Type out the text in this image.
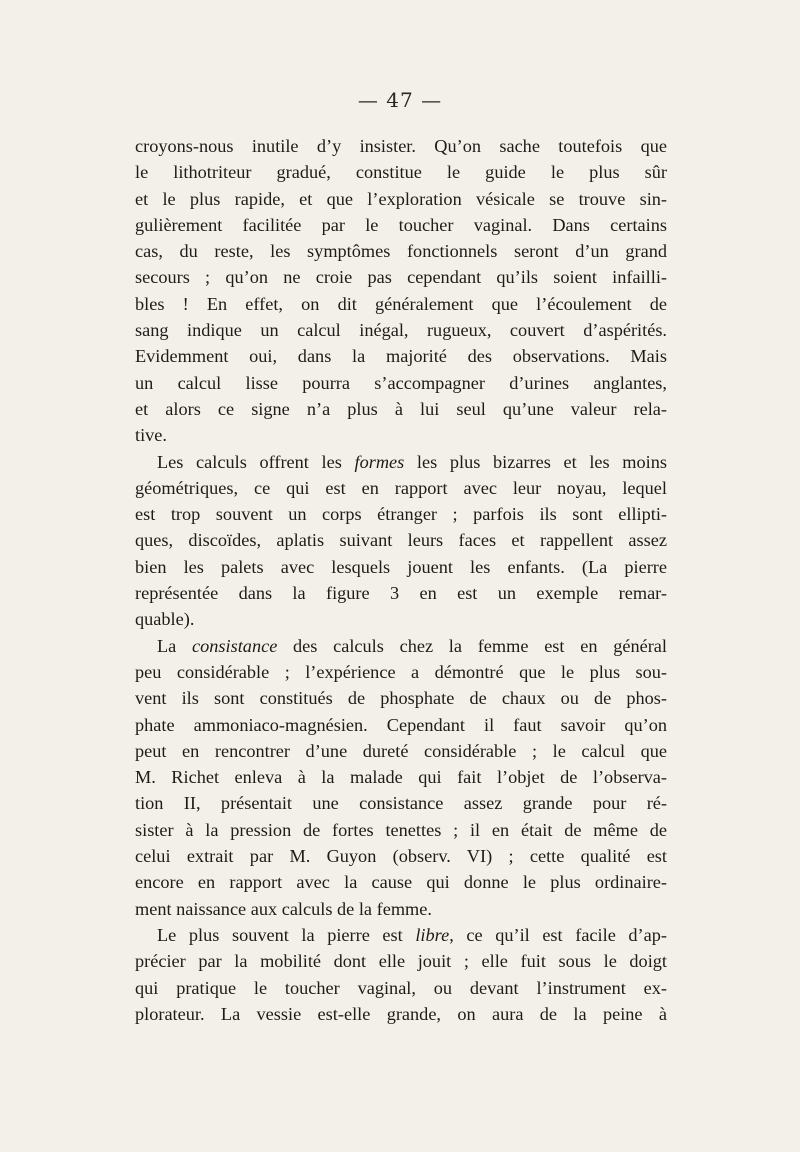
— 47 —
croyons-nous inutile d’y insister. Qu’on sache toutefois que
le lithotriteur gradué, constitue le guide le plus sûr
et le plus rapide, et que l’exploration vésicale se trouve sin-
gulièrement facilitée par le toucher vaginal. Dans certains
cas, du reste, les symptômes fonctionnels seront d’un grand
secours ; qu’on ne croie pas cependant qu’ils soient infailli-
bles ! En effet, on dit généralement que l’écoulement de
sang indique un calcul inégal, rugueux, couvert d’aspérités.
Evidemment oui, dans la majorité des observations. Mais
un calcul lisse pourra s’accompagner d’urines anglantes,
et alors ce signe n’a plus à lui seul qu’une valeur rela-
tive.
Les calculs offrent les formes les plus bizarres et les moins
géométriques, ce qui est en rapport avec leur noyau, lequel
est trop souvent un corps étranger ; parfois ils sont ellipti-
ques, discoïdes, aplatis suivant leurs faces et rappellent assez
bien les palets avec lesquels jouent les enfants. (La pierre
représentée dans la figure 3 en est un exemple remar-
quable).
La consistance des calculs chez la femme est en général
peu considérable ; l’expérience a démontré que le plus sou-
vent ils sont constitués de phosphate de chaux ou de phos-
phate ammoniaco-magnésien. Cependant il faut savoir qu’on
peut en rencontrer d’une dureté considérable ; le calcul que
M. Richet enleva à la malade qui fait l’objet de l’observa-
tion II, présentait une consistance assez grande pour ré-
sister à la pression de fortes tenettes ; il en était de même de
celui extrait par M. Guyon (observ. VI) ; cette qualité est
encore en rapport avec la cause qui donne le plus ordinaire-
ment naissance aux calculs de la femme.
Le plus souvent la pierre est libre, ce qu’il est facile d’ap-
précier par la mobilité dont elle jouit ; elle fuit sous le doigt
qui pratique le toucher vaginal, ou devant l’instrument ex-
plorateur. La vessie est-elle grande, on aura de la peine à
